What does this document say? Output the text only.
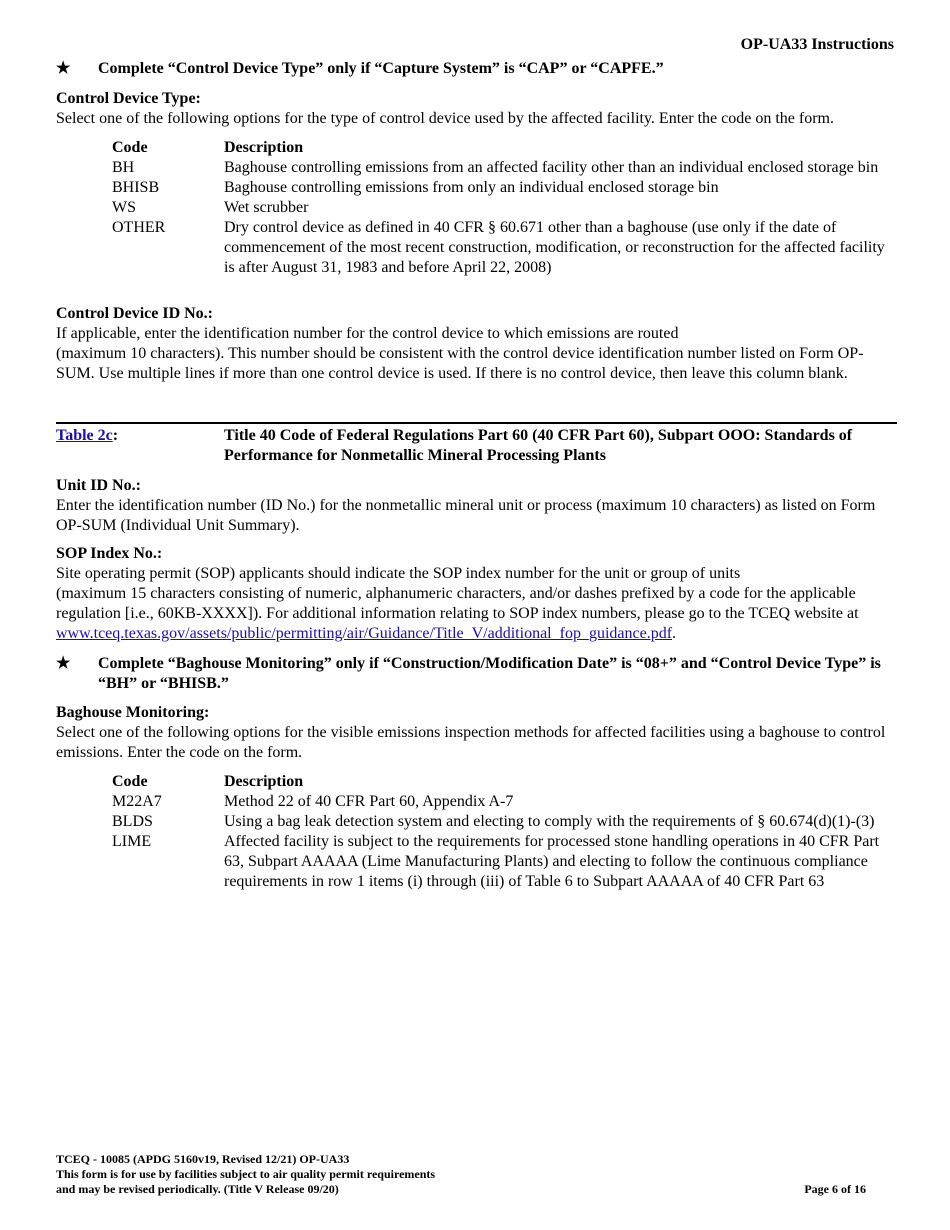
OP-UA33 Instructions
★ Complete “Control Device Type” only if “Capture System” is “CAP” or “CAPFE.”
Control Device Type:
Select one of the following options for the type of control device used by the affected facility. Enter the code on the form.
Code	Description
BH	Baghouse controlling emissions from an affected facility other than an individual enclosed storage bin
BHISB	Baghouse controlling emissions from only an individual enclosed storage bin
WS	Wet scrubber
OTHER	Dry control device as defined in 40 CFR § 60.671 other than a baghouse (use only if the date of commencement of the most recent construction, modification, or reconstruction for the affected facility is after August 31, 1983 and before April 22, 2008)
Control Device ID No.:
If applicable, enter the identification number for the control device to which emissions are routed
(maximum 10 characters). This number should be consistent with the control device identification number listed on Form OP-SUM. Use multiple lines if more than one control device is used. If there is no control device, then leave this column blank.
Table 2c:	Title 40 Code of Federal Regulations Part 60 (40 CFR Part 60), Subpart OOO: Standards of Performance for Nonmetallic Mineral Processing Plants
Unit ID No.:
Enter the identification number (ID No.) for the nonmetallic mineral unit or process (maximum 10 characters) as listed on Form OP-SUM (Individual Unit Summary).
SOP Index No.:
Site operating permit (SOP) applicants should indicate the SOP index number for the unit or group of units
(maximum 15 characters consisting of numeric, alphanumeric characters, and/or dashes prefixed by a code for the applicable regulation [i.e., 60KB-XXXX]). For additional information relating to SOP index numbers, please go to the TCEQ website at www.tceq.texas.gov/assets/public/permitting/air/Guidance/Title_V/additional_fop_guidance.pdf.
★ Complete “Baghouse Monitoring” only if “Construction/Modification Date” is “08+” and “Control Device Type” is “BH” or “BHISB.”
Baghouse Monitoring:
Select one of the following options for the visible emissions inspection methods for affected facilities using a baghouse to control emissions. Enter the code on the form.
Code	Description
M22A7	Method 22 of 40 CFR Part 60, Appendix A-7
BLDS	Using a bag leak detection system and electing to comply with the requirements of § 60.674(d)(1)-(3)
LIME	Affected facility is subject to the requirements for processed stone handling operations in 40 CFR Part 63, Subpart AAAAA (Lime Manufacturing Plants) and electing to follow the continuous compliance requirements in row 1 items (i) through (iii) of Table 6 to Subpart AAAAA of 40 CFR Part 63
TCEQ - 10085 (APDG 5160v19, Revised 12/21) OP-UA33
This form is for use by facilities subject to air quality permit requirements
and may be revised periodically. (Title V Release 09/20)	Page 6 of 16
